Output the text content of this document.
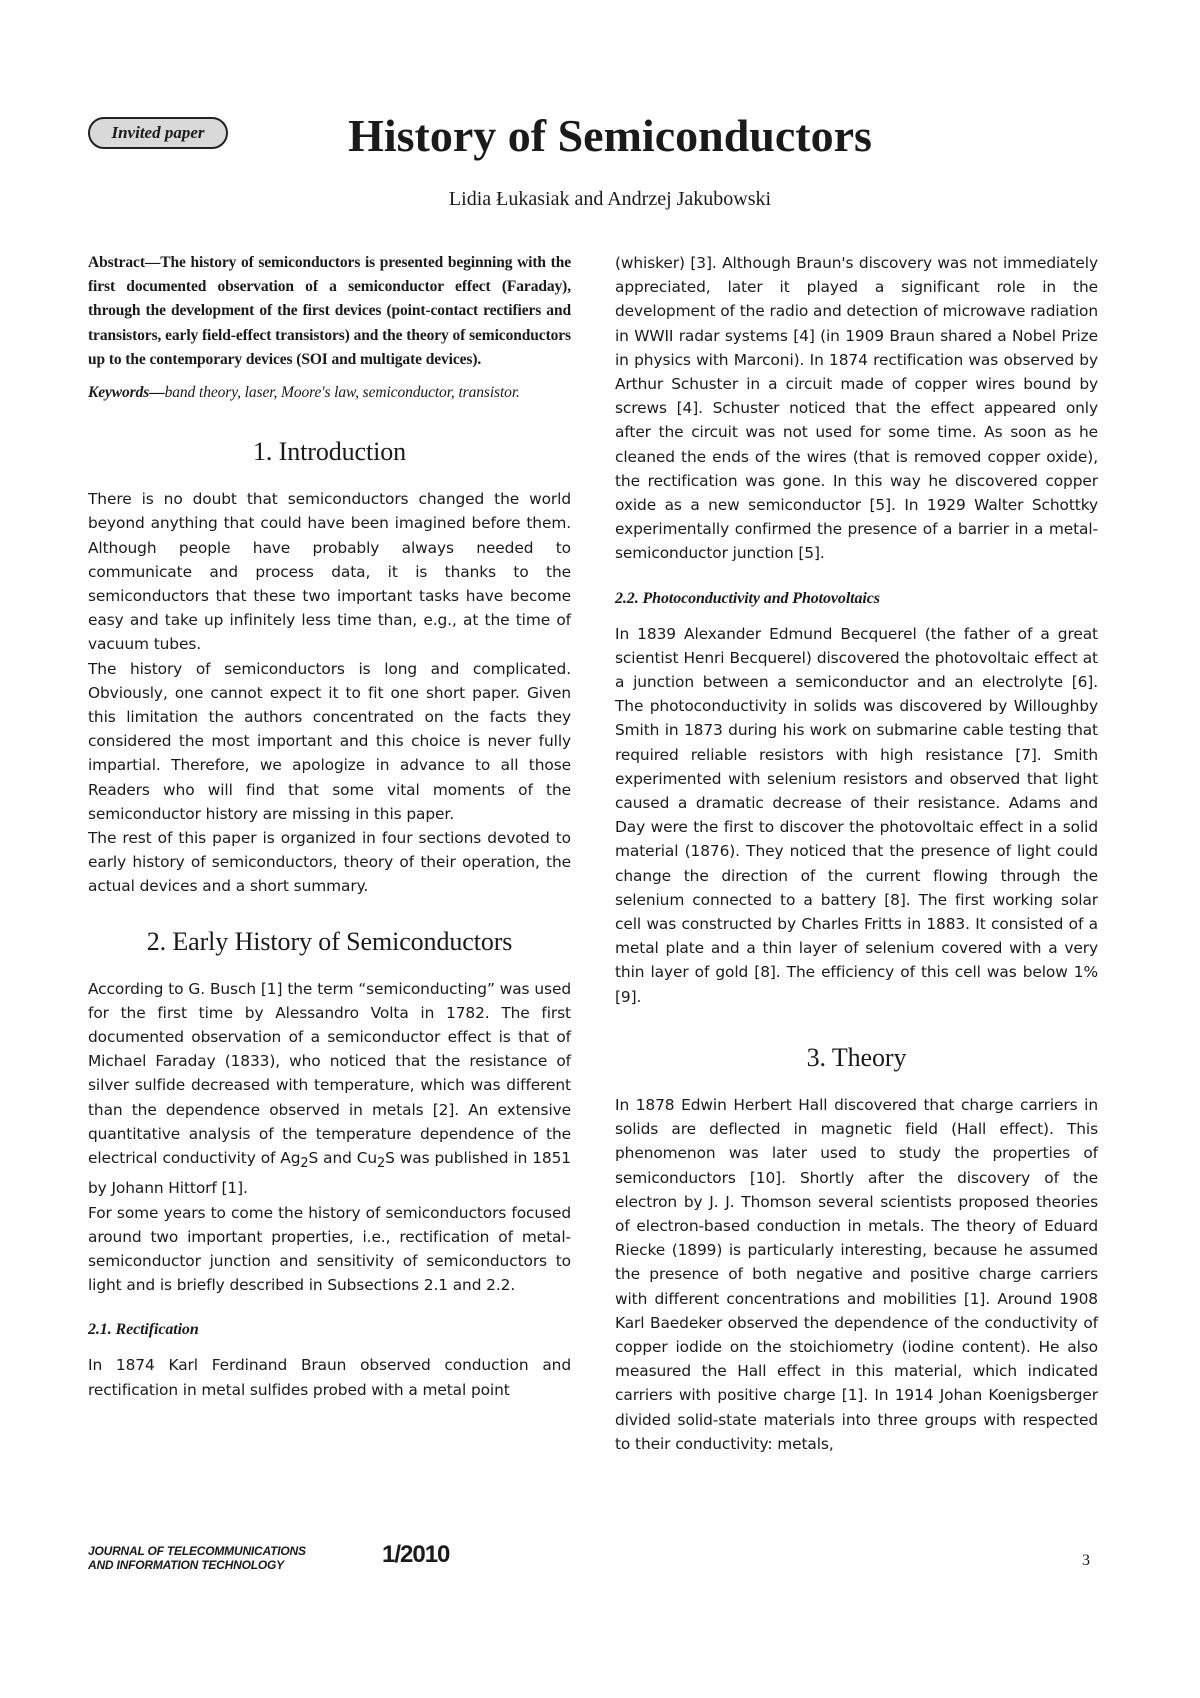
Invited paper	History of Semiconductors
Lidia Łukasiak and Andrzej Jakubowski

Abstract—The history of semiconductors is presented beginning with the first documented observation of a semiconductor effect (Faraday), through the development of the first devices (point-contact rectifiers and transistors, early field-effect transistors) and the theory of semiconductors up to the contemporary devices (SOI and multigate devices).

Keywords—band theory, laser, Moore's law, semiconductor, transistor.

1. Introduction

There is no doubt that semiconductors changed the world beyond anything that could have been imagined before them. Although people have probably always needed to communicate and process data, it is thanks to the semiconductors that these two important tasks have become easy and take up infinitely less time than, e.g., at the time of vacuum tubes.

The history of semiconductors is long and complicated. Obviously, one cannot expect it to fit one short paper. Given this limitation the authors concentrated on the facts they considered the most important and this choice is never fully impartial. Therefore, we apologize in advance to all those Readers who will find that some vital moments of the semiconductor history are missing in this paper.

The rest of this paper is organized in four sections devoted to early history of semiconductors, theory of their operation, the actual devices and a short summary.

2. Early History of Semiconductors

According to G. Busch [1] the term “semiconducting” was used for the first time by Alessandro Volta in 1782. The first documented observation of a semiconductor effect is that of Michael Faraday (1833), who noticed that the resistance of silver sulfide decreased with temperature, which was different than the dependence observed in metals [2]. An extensive quantitative analysis of the temperature dependence of the electrical conductivity of $Ag_2S$ and $Cu_2S$ was published in 1851 by Johann Hittorf [1].

For some years to come the history of semiconductors focused around two important properties, i.e., rectification of metal-semiconductor junction and sensitivity of semiconductors to light and is briefly described in Subsections 2.1 and 2.2.

2.1. Rectification

In 1874 Karl Ferdinand Braun observed conduction and rectification in metal sulfides probed with a metal point

(whisker) [3]. Although Braun's discovery was not immediately appreciated, later it played a significant role in the development of the radio and detection of microwave radiation in WWII radar systems [4] (in 1909 Braun shared a Nobel Prize in physics with Marconi). In 1874 rectification was observed by Arthur Schuster in a circuit made of copper wires bound by screws [4]. Schuster noticed that the effect appeared only after the circuit was not used for some time. As soon as he cleaned the ends of the wires (that is removed copper oxide), the rectification was gone. In this way he discovered copper oxide as a new semiconductor [5]. In 1929 Walter Schottky experimentally confirmed the presence of a barrier in a metal-semiconductor junction [5].

2.2. Photoconductivity and Photovoltaics

In 1839 Alexander Edmund Becquerel (the father of a great scientist Henri Becquerel) discovered the photovoltaic effect at a junction between a semiconductor and an electrolyte [6]. The photoconductivity in solids was discovered by Willoughby Smith in 1873 during his work on submarine cable testing that required reliable resistors with high resistance [7]. Smith experimented with selenium resistors and observed that light caused a dramatic decrease of their resistance. Adams and Day were the first to discover the photovoltaic effect in a solid material (1876). They noticed that the presence of light could change the direction of the current flowing through the selenium connected to a battery [8]. The first working solar cell was constructed by Charles Fritts in 1883. It consisted of a metal plate and a thin layer of selenium covered with a very thin layer of gold [8]. The efficiency of this cell was below 1% [9].

3. Theory

In 1878 Edwin Herbert Hall discovered that charge carriers in solids are deflected in magnetic field (Hall effect). This phenomenon was later used to study the properties of semiconductors [10]. Shortly after the discovery of the electron by J. J. Thomson several scientists proposed theories of electron-based conduction in metals. The theory of Eduard Riecke (1899) is particularly interesting, because he assumed the presence of both negative and positive charge carriers with different concentrations and mobilities [1]. Around 1908 Karl Baedeker observed the dependence of the conductivity of copper iodide on the stoichiometry (iodine content). He also measured the Hall effect in this material, which indicated carriers with positive charge [1]. In 1914 Johan Koenigsberger divided solid-state materials into three groups with respected to their conductivity: metals,

JOURNAL OF TELECOMMUNICATIONS
AND INFORMATION TECHNOLOGY	1/2010	3
